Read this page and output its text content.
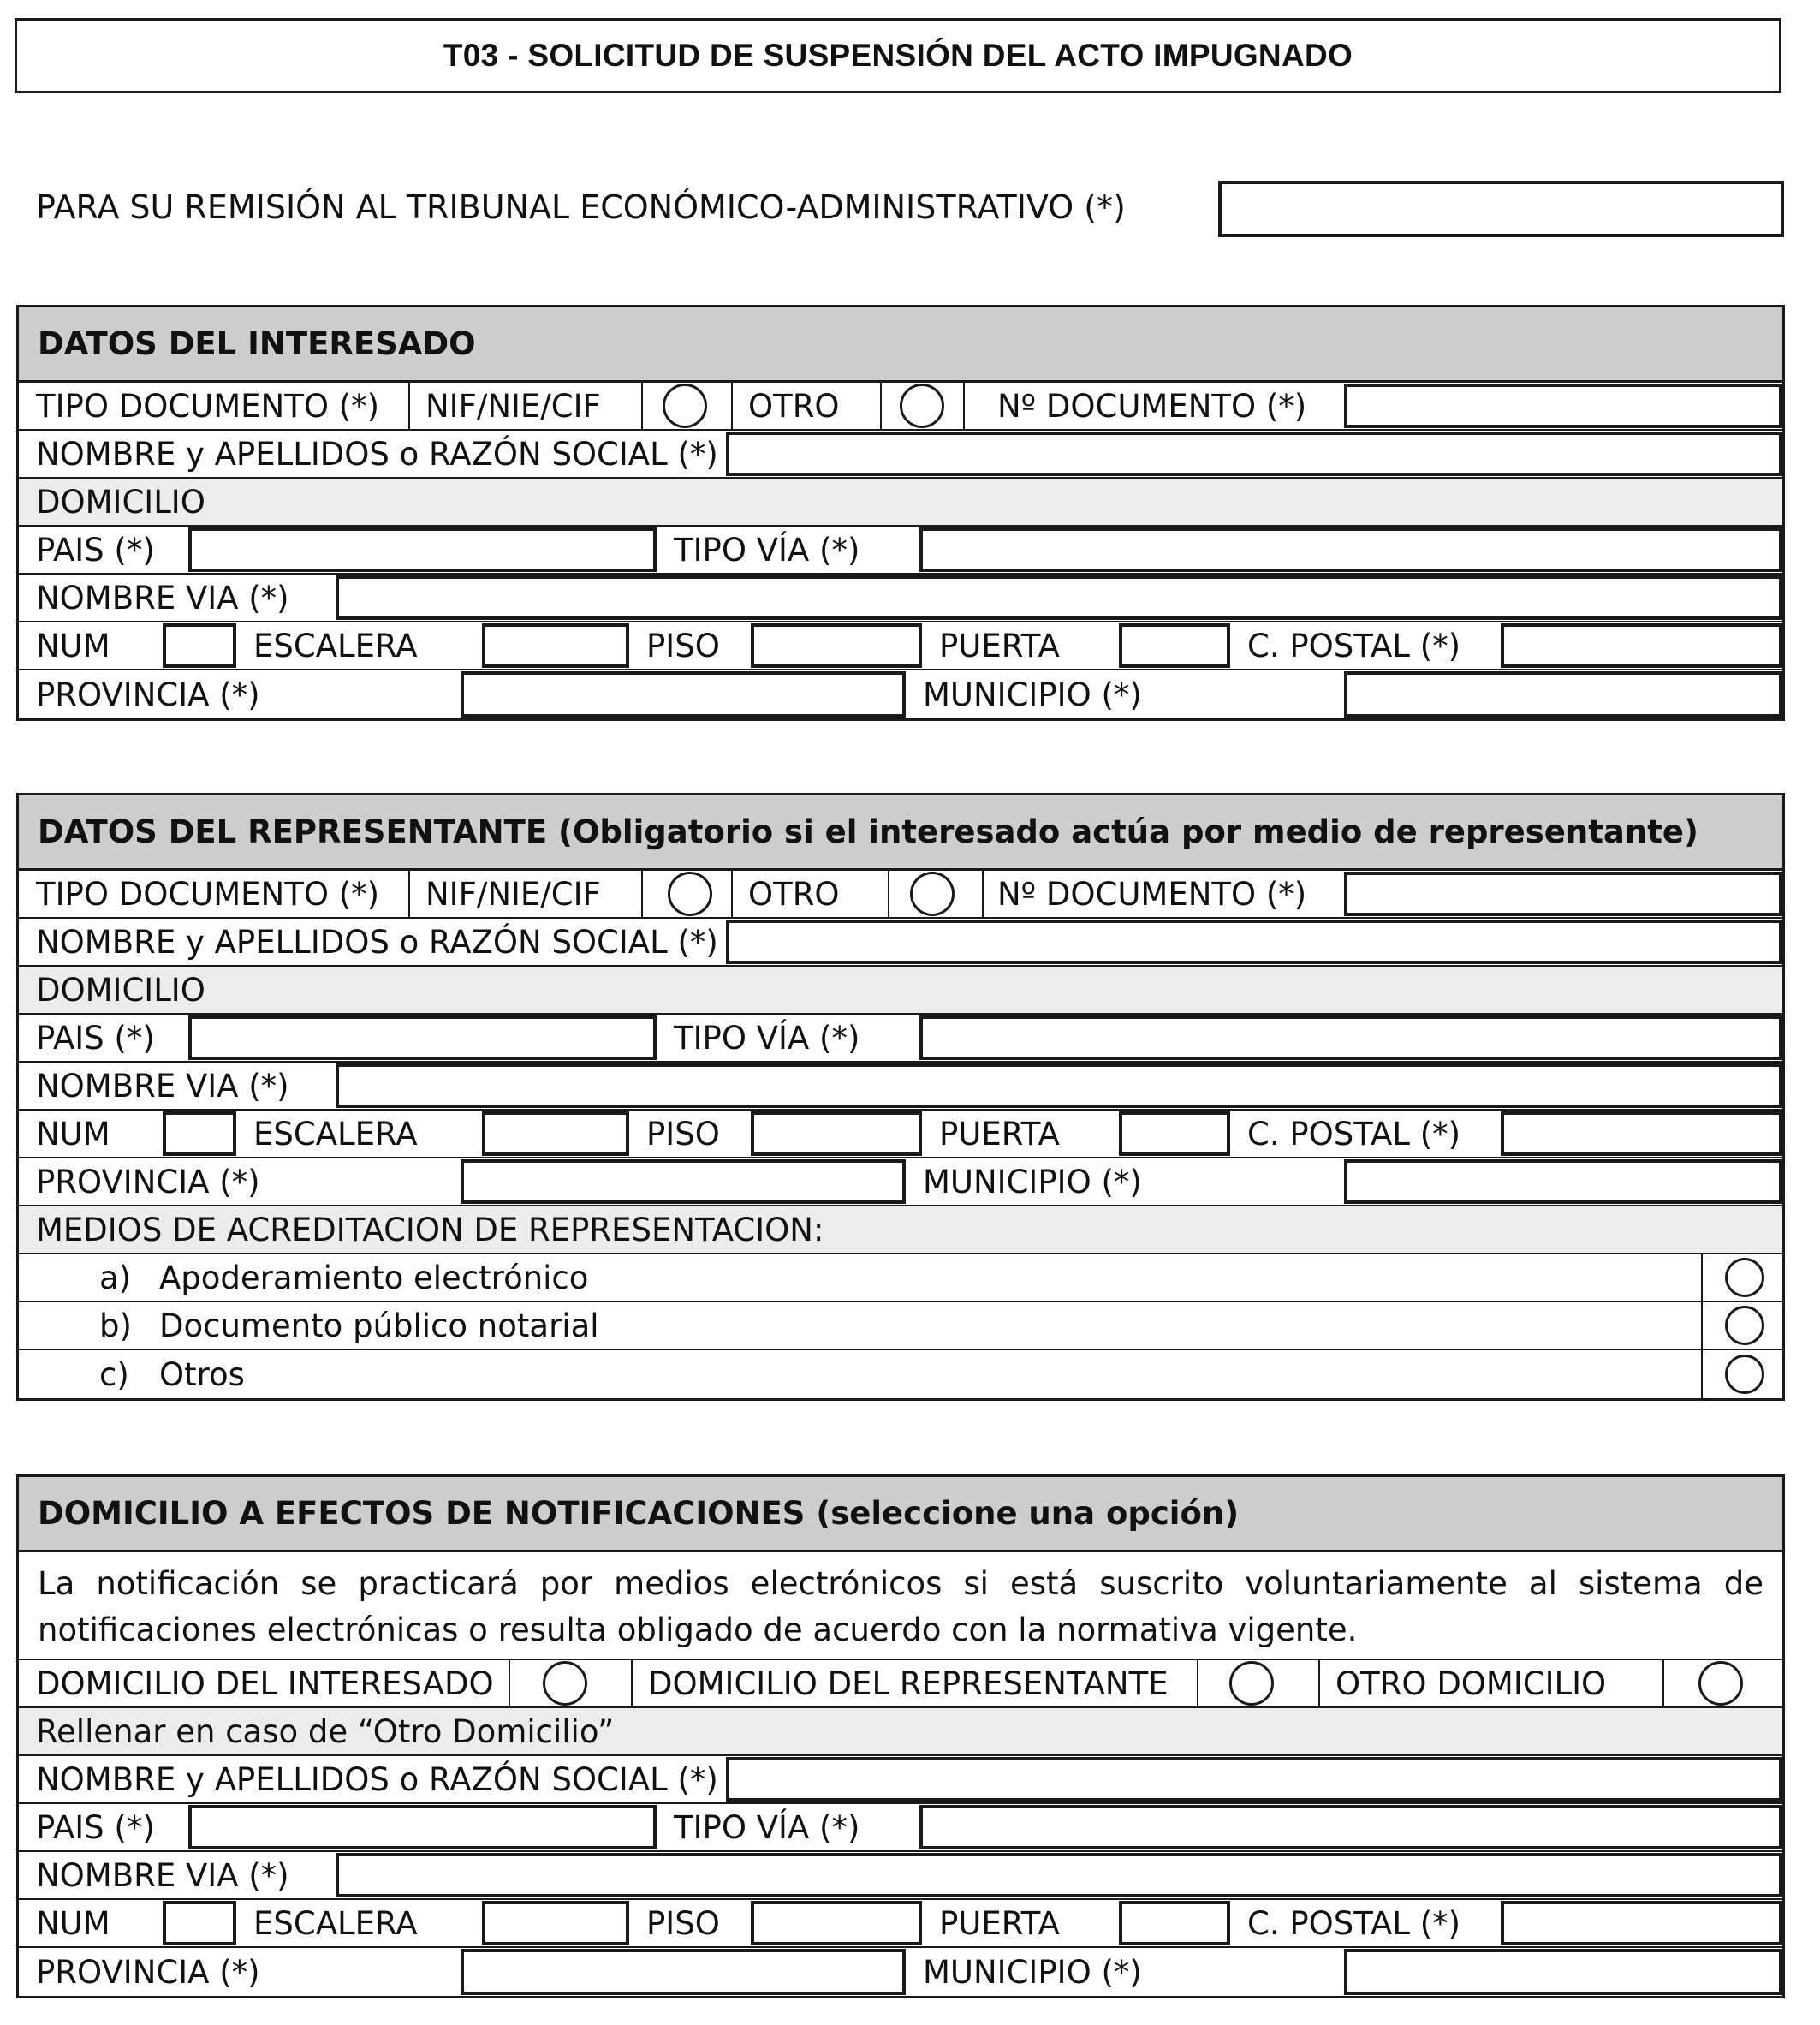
T03 - SOLICITUD DE SUSPENSIÓN DEL ACTO IMPUGNADO
PARA SU REMISIÓN AL TRIBUNAL ECONÓMICO-ADMINISTRATIVO (*)
DATOS DEL INTERESADO
TIPO DOCUMENTO (*)	NIF/NIE/CIF	OTRO	Nº DOCUMENTO (*)
NOMBRE y APELLIDOS o RAZÓN SOCIAL (*)
DOMICILIO
PAIS (*)	TIPO VÍA (*)
NOMBRE VIA (*)
NUM	ESCALERA	PISO	PUERTA	C. POSTAL (*)
PROVINCIA (*)	MUNICIPIO (*)
DATOS DEL REPRESENTANTE (Obligatorio si el interesado actúa por medio de representante)
TIPO DOCUMENTO (*)	NIF/NIE/CIF	OTRO	Nº DOCUMENTO (*)
NOMBRE y APELLIDOS o RAZÓN SOCIAL (*)
DOMICILIO
PAIS (*)	TIPO VÍA (*)
NOMBRE VIA (*)
NUM	ESCALERA	PISO	PUERTA	C. POSTAL (*)
PROVINCIA (*)	MUNICIPIO (*)
MEDIOS DE ACREDITACION DE REPRESENTACION:
a) Apoderamiento electrónico
b) Documento público notarial
c) Otros
DOMICILIO A EFECTOS DE NOTIFICACIONES (seleccione una opción)
La notificación se practicará por medios electrónicos si está suscrito voluntariamente al sistema de notificaciones electrónicas o resulta obligado de acuerdo con la normativa vigente.
DOMICILIO DEL INTERESADO	DOMICILIO DEL REPRESENTANTE	OTRO DOMICILIO
Rellenar en caso de “Otro Domicilio”
NOMBRE y APELLIDOS o RAZÓN SOCIAL (*)
PAIS (*)	TIPO VÍA (*)
NOMBRE VIA (*)
NUM	ESCALERA	PISO	PUERTA	C. POSTAL (*)
PROVINCIA (*)	MUNICIPIO (*)
